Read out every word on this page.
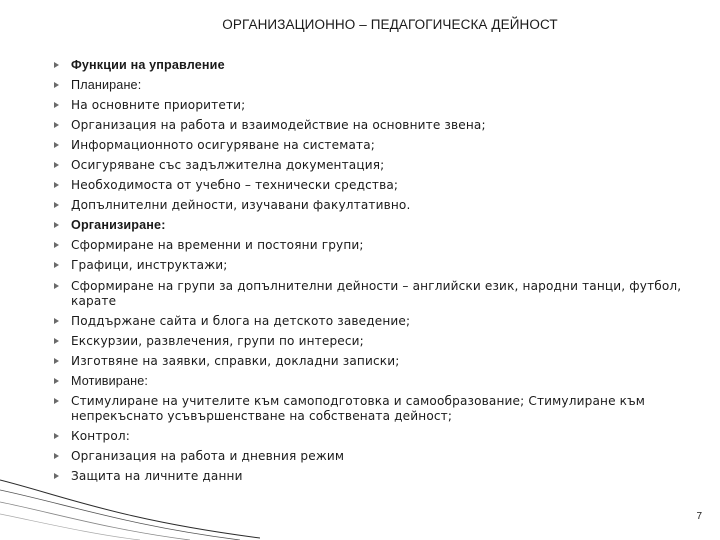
ОРГАНИЗАЦИОННО – ПЕДАГОГИЧЕСКА ДЕЙНОСТ
Функции на управление
Планиране:
На основните приоритети;
Организация на работа и взаимодействие на основните звена;
Информационното осигуряване на системата;
Осигуряване със задължителна документация;
Необходимоста от учебно – технически средства;
Допълнителни дейности, изучавани факултативно.
Организиране:
Сформиране на временни и постояни групи;
Графици, инструктажи;
Сформиране на групи за допълнителни дейности – английски език, народни танци, футбол, карате
Поддържане сайта и блога на детското заведение;
Екскурзии, развлечения, групи по интереси;
Изготвяне на заявки, справки, докладни записки;
Мотивиране:
Стимулиране на учителите към самоподготовка и самообразование; Стимулиране към непрекъснато усъвършенстване на собствената дейност;
Контрол:
Организация на работа и дневния режим
Защита на личните данни
7
